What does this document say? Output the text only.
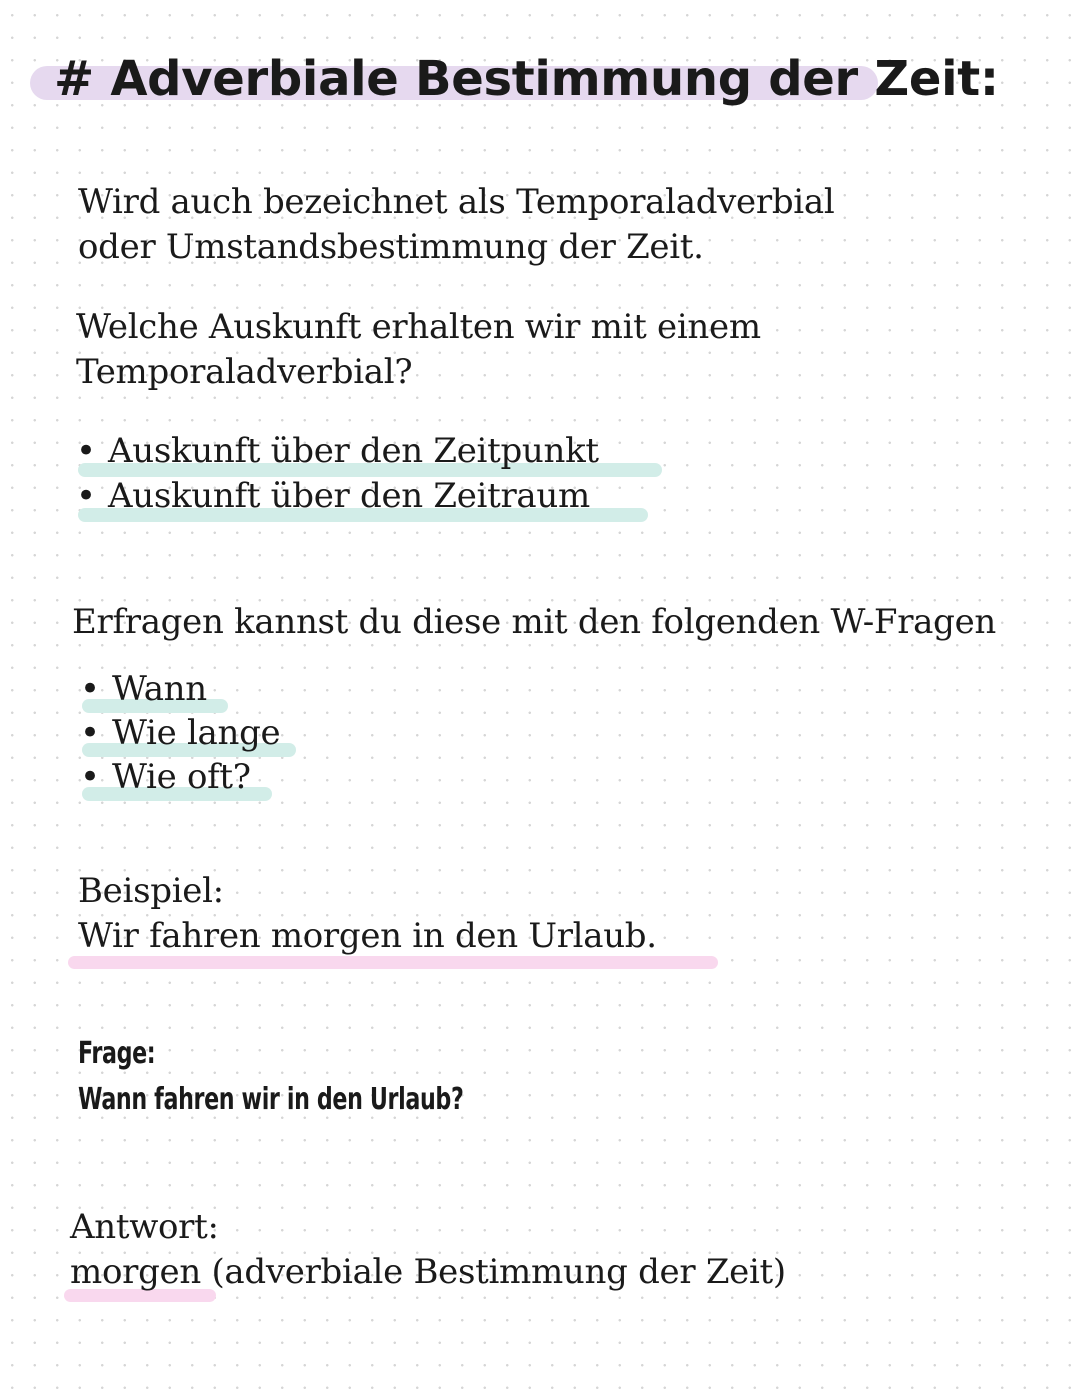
# Adverbiale Bestimmung der Zeit:
Wird auch bezeichnet als Temporaladverbial
oder Umstandsbestimmung der Zeit.
Welche Auskunft erhalten wir mit einem
Temporaladverbial?
• Auskunft über den Zeitpunkt
• Auskunft über den Zeitraum
Erfragen kannst du diese mit den folgenden W-Fragen
• Wann
• Wie lange
• Wie oft?
Beispiel:
Wir fahren morgen in den Urlaub.
Frage:
Wann fahren wir in den Urlaub?
Antwort:
morgen (adverbiale Bestimmung der Zeit)
